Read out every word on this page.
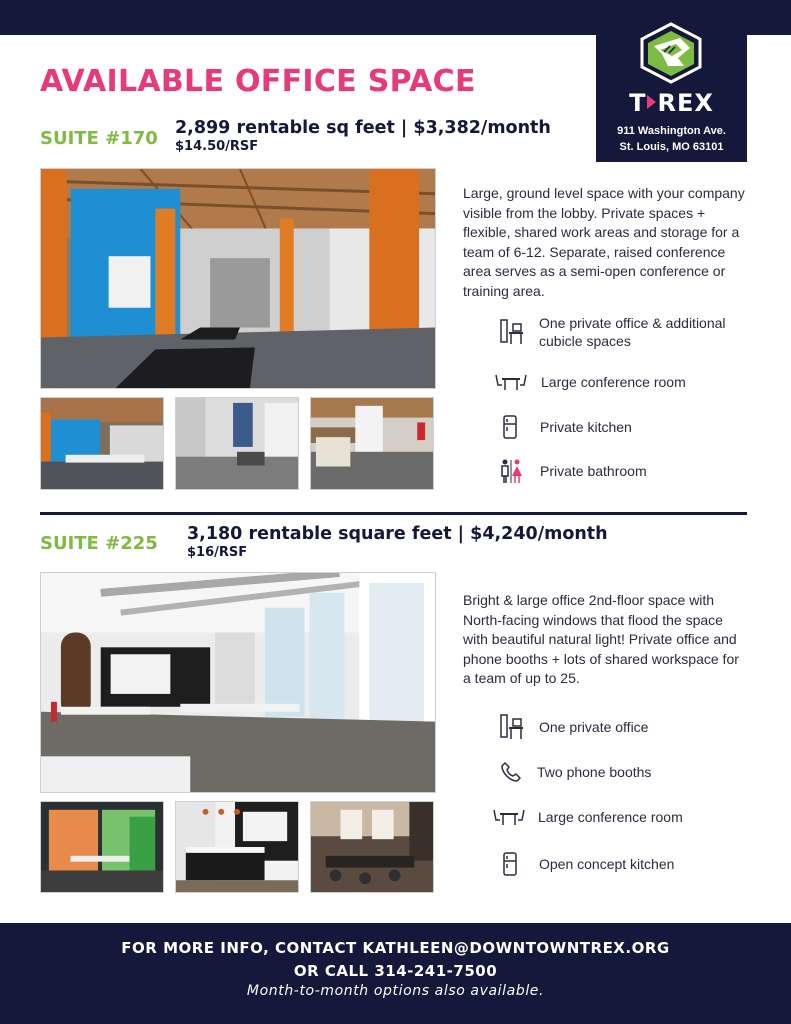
T REX
911 Washington Ave.
St. Louis, MO 63101
AVAILABLE OFFICE SPACE
SUITE #170 2,899 rentable sq feet | $3,382/month
$14.50/RSF
Large, ground level space with your company visible from the lobby. Private spaces + flexible, shared work areas and storage for a team of 6-12. Separate, raised conference area serves as a semi-open conference or training area.
One private office & additional cubicle spaces
Large conference room
Private kitchen
Private bathroom
SUITE #225 3,180 rentable square feet | $4,240/month
$16/RSF
Bright & large office 2nd-floor space with North-facing windows that flood the space with beautiful natural light! Private office and phone booths + lots of shared workspace for a team of up to 25.
One private office
Two phone booths
Large conference room
Open concept kitchen
FOR MORE INFO, CONTACT KATHLEEN@DOWNTOWNTREX.ORG
OR CALL 314-241-7500
Month-to-month options also available.
